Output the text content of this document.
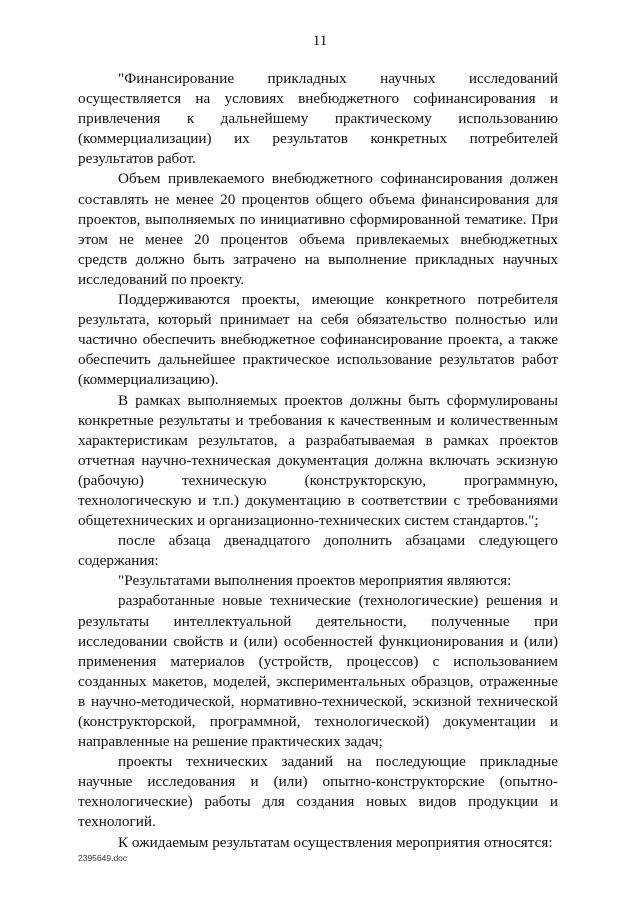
11

"Финансирование прикладных научных исследований осуществляется на условиях внебюджетного софинансирования и привлечения к дальнейшему практическому использованию (коммерциализации) их результатов конкретных потребителей результатов работ.

Объем привлекаемого внебюджетного софинансирования должен составлять не менее 20 процентов общего объема финансирования для проектов, выполняемых по инициативно сформированной тематике. При этом не менее 20 процентов объема привлекаемых внебюджетных средств должно быть затрачено на выполнение прикладных научных исследований по проекту.

Поддерживаются проекты, имеющие конкретного потребителя результата, который принимает на себя обязательство полностью или частично обеспечить внебюджетное софинансирование проекта, а также обеспечить дальнейшее практическое использование результатов работ (коммерциализацию).

В рамках выполняемых проектов должны быть сформулированы конкретные результаты и требования к качественным и количественным характеристикам результатов, а разрабатываемая в рамках проектов отчетная научно-техническая документация должна включать эскизную (рабочую) техническую (конструкторскую, программную, технологическую и т.п.) документацию в соответствии с требованиями общетехнических и организационно-технических систем стандартов.";

после абзаца двенадцатого дополнить абзацами следующего содержания:

"Результатами выполнения проектов мероприятия являются:

разработанные новые технические (технологические) решения и результаты интеллектуальной деятельности, полученные при исследовании свойств и (или) особенностей функционирования и (или) применения материалов (устройств, процессов) с использованием созданных макетов, моделей, экспериментальных образцов, отраженные в научно-методической, нормативно-технической, эскизной технической (конструкторской, программной, технологической) документации и направленные на решение практических задач;

проекты технических заданий на последующие прикладные научные исследования и (или) опытно-конструкторские (опытно-технологические) работы для создания новых видов продукции и технологий.

К ожидаемым результатам осуществления мероприятия относятся:

2395649.doc
